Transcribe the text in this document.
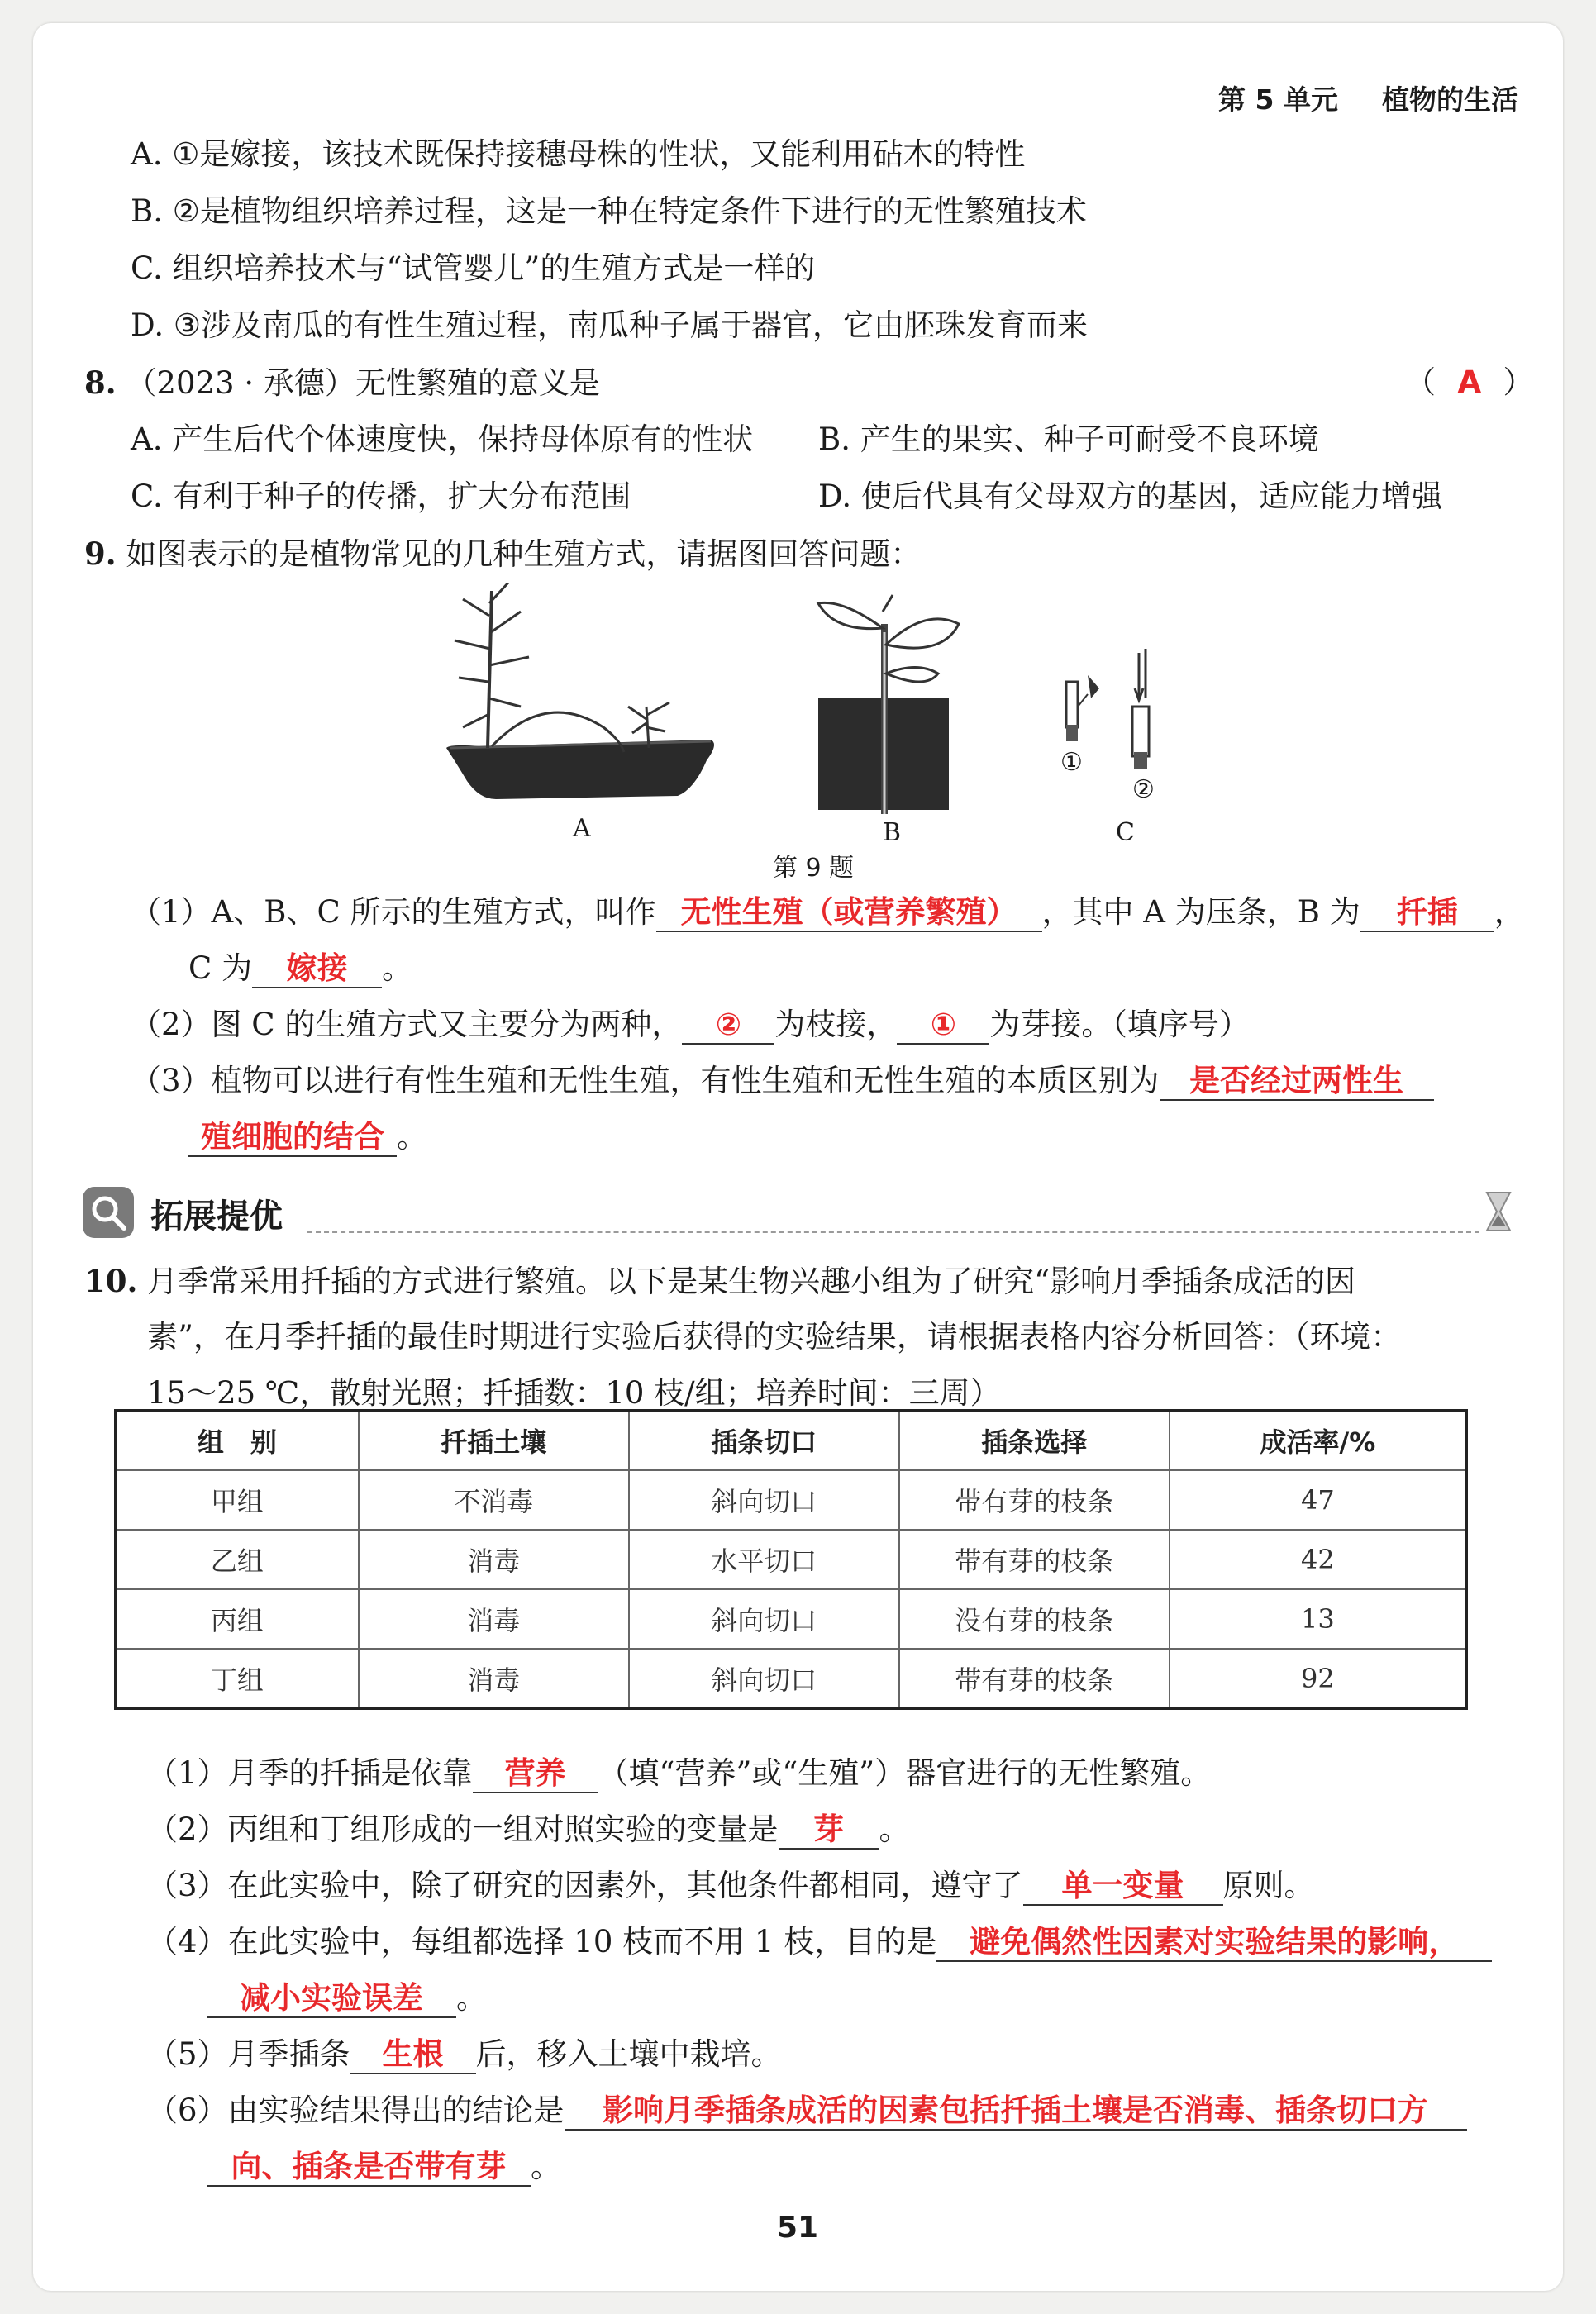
第 5 单元 植物的生活
A. ①是嫁接，该技术既保持接穗母株的性状，又能利用砧木的特性
B. ②是植物组织培养过程，这是一种在特定条件下进行的无性繁殖技术
C. 组织培养技术与“试管婴儿”的生殖方式是一样的
D. ③涉及南瓜的有性生殖过程，南瓜种子属于器官，它由胚珠发育而来
8. （2023 · 承德）无性繁殖的意义是	（ A ）
A. 产生后代个体速度快，保持母体原有的性状 B. 产生的果实、种子可耐受不良环境
C. 有利于种子的传播，扩大分布范围	D. 使后代具有父母双方的基因，适应能力增强
9. 如图表示的是植物常见的几种生殖方式，请据图回答问题：
A	B	C
①
②
第 9 题
（1）A、B、C 所示的生殖方式，叫作 无性生殖（或营养繁殖） ，其中 A 为压条，B 为 扦插 ，
C 为 嫁接 。
（2）图 C 的生殖方式又主要分为两种， ② 为枝接， ① 为芽接。（填序号）
（3）植物可以进行有性生殖和无性生殖，有性生殖和无性生殖的本质区别为 是否经过两性生
殖细胞的结合 。
拓展提优
10. 月季常采用扦插的方式进行繁殖。以下是某生物兴趣小组为了研究“影响月季插条成活的因
素”，在月季扦插的最佳时期进行实验后获得的实验结果，请根据表格内容分析回答：（环境：
15～25 ℃，散射光照；扦插数：10 枝/组；培养时间：三周）
组　别	扦插土壤	插条切口	插条选择	成活率/%
甲组	不消毒	斜向切口	带有芽的枝条	47
乙组	消毒	水平切口	带有芽的枝条	42
丙组	消毒	斜向切口	没有芽的枝条	13
丁组	消毒	斜向切口	带有芽的枝条	92
（1）月季的扦插是依靠 营养 （填“营养”或“生殖”）器官进行的无性繁殖。
（2）丙组和丁组形成的一组对照实验的变量是 芽 。
（3）在此实验中，除了研究的因素外，其他条件都相同，遵守了 单一变量 原则。
（4）在此实验中，每组都选择 10 枝而不用 1 枝，目的是 避免偶然性因素对实验结果的影响，
减小实验误差 。
（5）月季插条 生根 后，移入土壤中栽培。
（6）由实验结果得出的结论是 影响月季插条成活的因素包括扦插土壤是否消毒、插条切口方
向、插条是否带有芽 。
51
